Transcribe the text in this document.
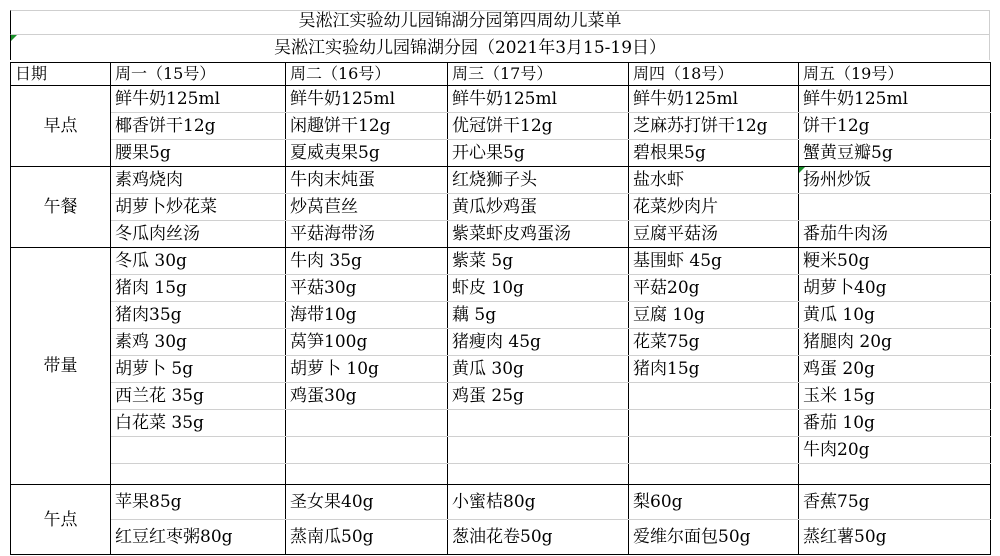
吴淞江实验幼儿园锦湖分园第四周幼儿菜单
吴淞江实验幼儿园锦湖分园（2021年3月15-19日）
日期	周一（15号）	周二（16号）	周三（17号）	周四（18号）	周五（19号）
早点	鲜牛奶125ml	鲜牛奶125ml	鲜牛奶125ml	鲜牛奶125ml	鲜牛奶125ml
	椰香饼干12g	闲趣饼干12g	优冠饼干12g	芝麻苏打饼干12g	饼干12g
	腰果5g	夏威夷果5g	开心果5g	碧根果5g	蟹黄豆瓣5g
午餐	素鸡烧肉	牛肉末炖蛋	红烧狮子头	盐水虾	扬州炒饭

	胡萝卜炒花菜	炒莴苣丝	黄瓜炒鸡蛋	花菜炒肉片	
	冬瓜肉丝汤	平菇海带汤	紫菜虾皮鸡蛋汤	豆腐平菇汤	番茄牛肉汤
带量	冬瓜 30g	牛肉 35g	紫菜 5g	基围虾 45g	粳米50g
	猪肉 15g	平菇30g	虾皮 10g	平菇20g	胡萝卜40g
	猪肉35g	海带10g	藕 5g	豆腐 10g	黄瓜 10g
	素鸡 30g	莴笋100g	猪瘦肉 45g	花菜75g	猪腿肉 20g
	胡萝卜 5g	胡萝卜 10g	黄瓜 30g	猪肉15g	鸡蛋 20g
	西兰花 35g	鸡蛋30g	鸡蛋 25g		玉米 15g
	白花菜 35g				番茄 10g
					牛肉20g

午点	苹果85g	圣女果40g	小蜜桔80g	梨60g	香蕉75g
	红豆红枣粥80g	蒸南瓜50g	葱油花卷50g	爱维尔面包50g	蒸红薯50g
